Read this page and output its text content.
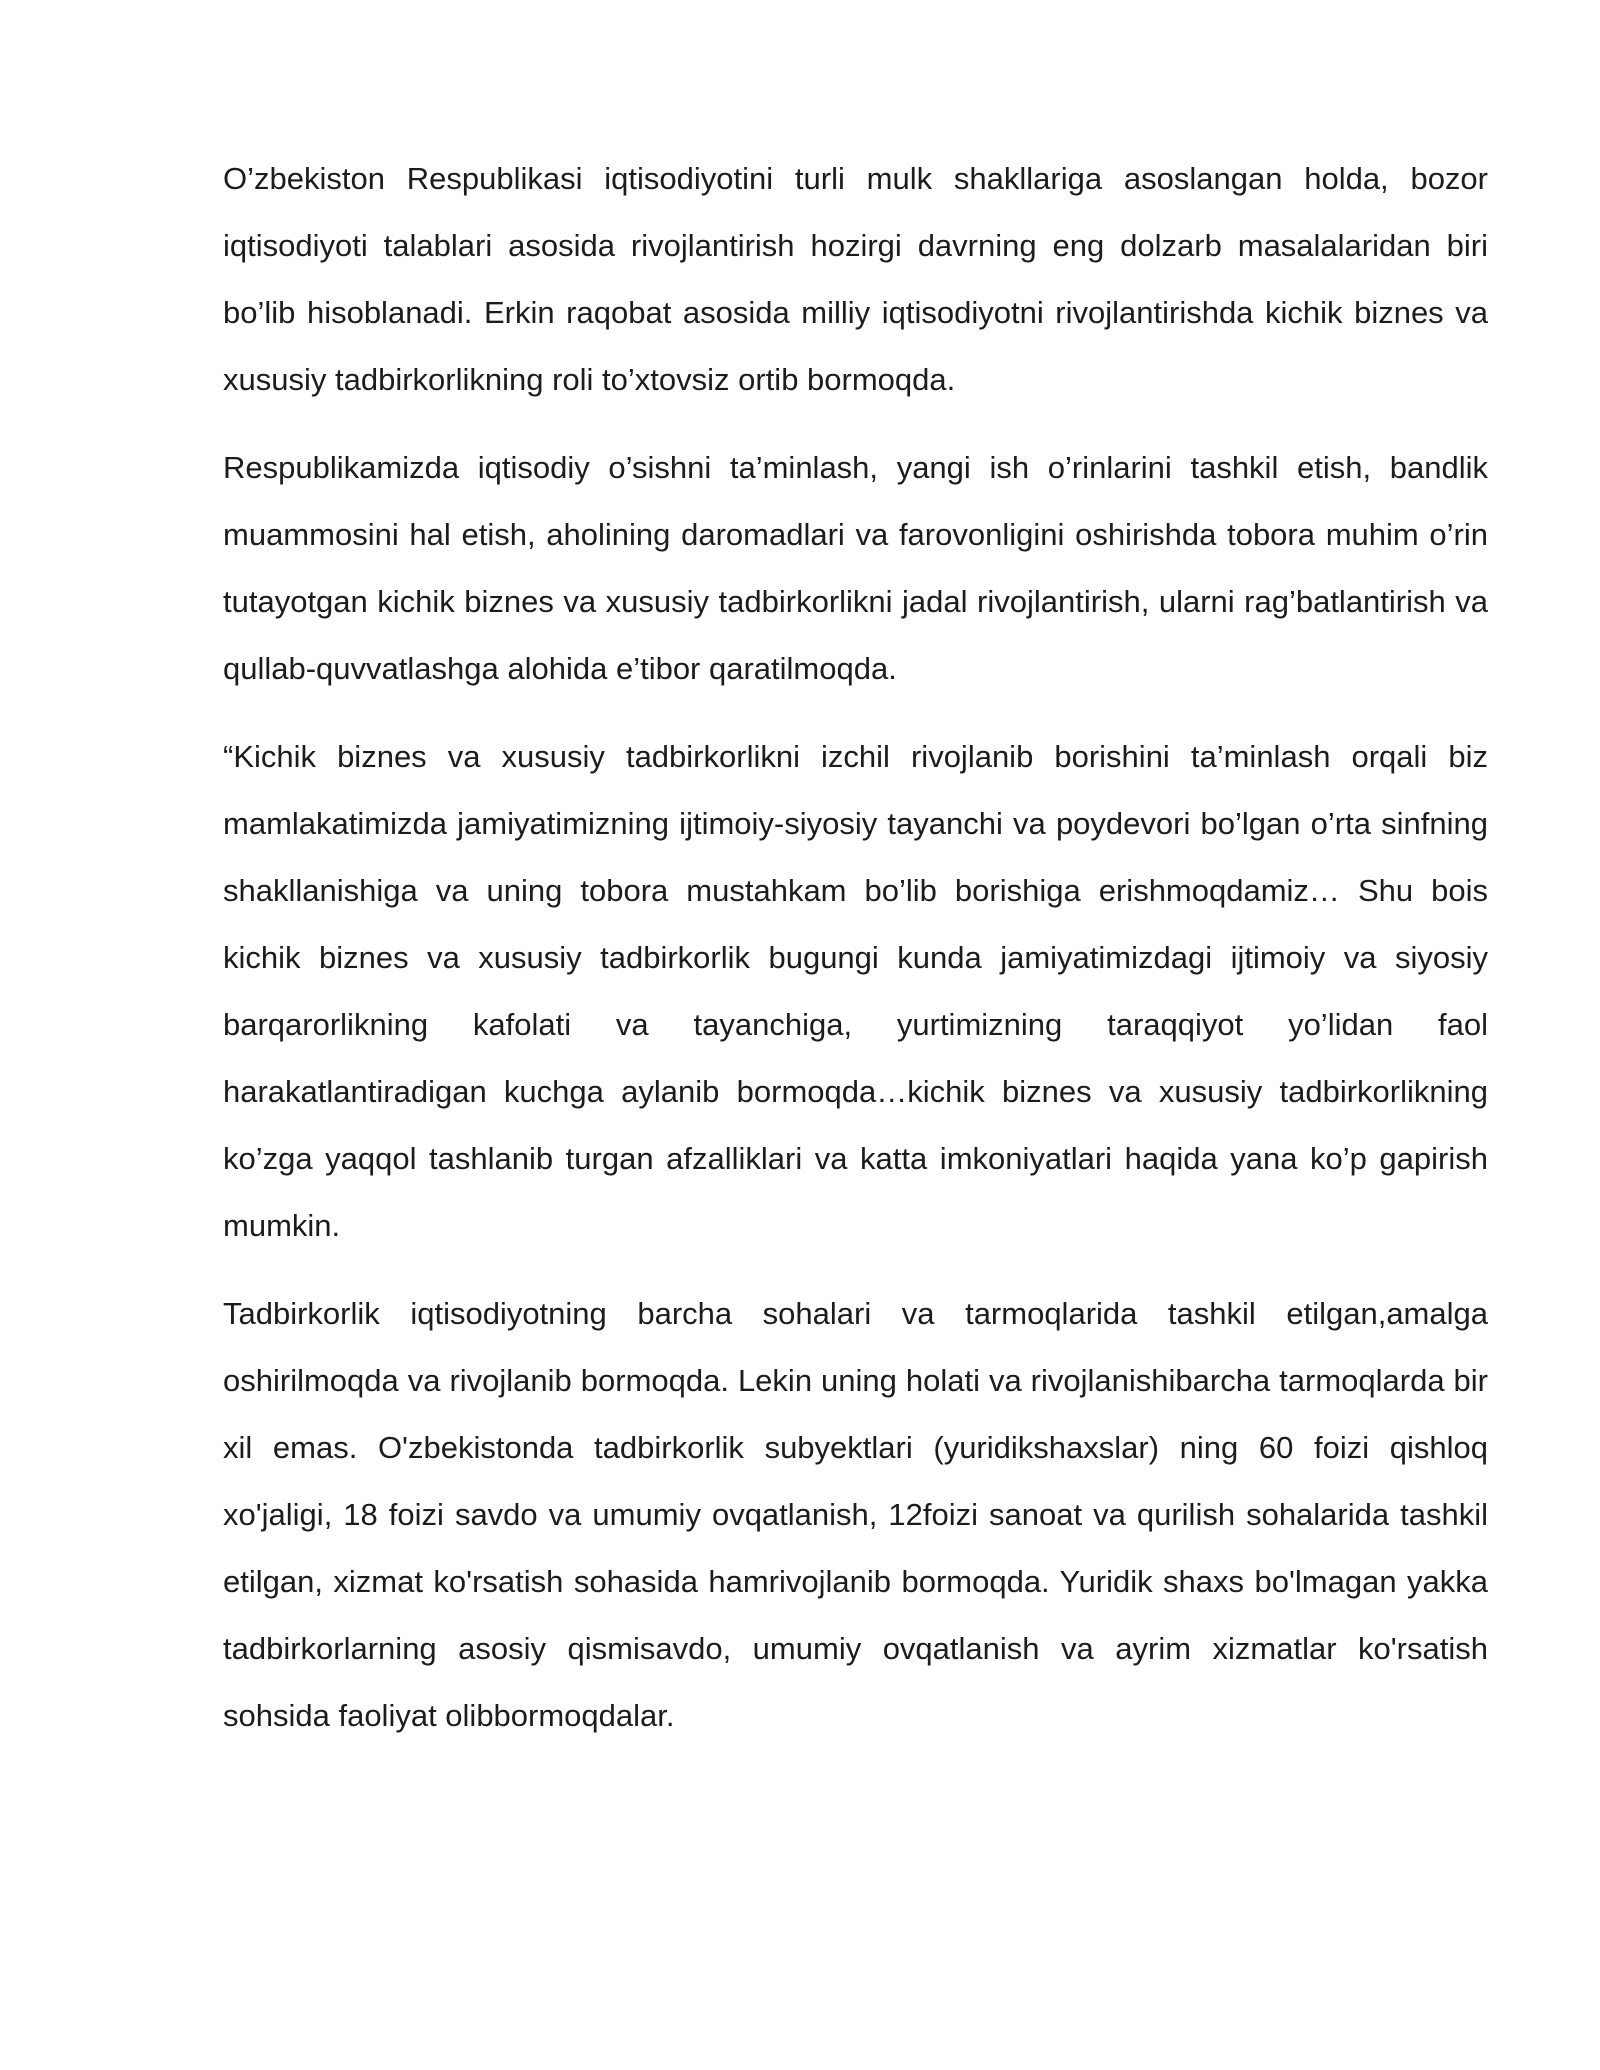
O’zbekiston Respublikasi iqtisodiyotini turli mulk shakllariga asoslangan holda, bozor iqtisodiyoti talablari asosida rivojlantirish hozirgi davrning eng dolzarb masalalaridan biri bo’lib hisoblanadi. Erkin raqobat asosida milliy iqtisodiyotni rivojlantirishda kichik biznes va xususiy tadbirkorlikning roli to’xtovsiz ortib bormoqda.

Respublikamizda iqtisodiy o’sishni ta’minlash, yangi ish o’rinlarini tashkil etish, bandlik muammosini hal etish, aholining daromadlari va farovonligini oshirishda tobora muhim o’rin tutayotgan kichik biznes va xususiy tadbirkorlikni jadal rivojlantirish, ularni rag’batlantirish va qullab-quvvatlashga alohida e’tibor qaratilmoqda.

“Kichik biznes va xususiy tadbirkorlikni izchil rivojlanib borishini ta’minlash orqali biz mamlakatimizda jamiyatimizning ijtimoiy-siyosiy tayanchi va poydevori bo’lgan o’rta sinfning shakllanishiga va uning tobora mustahkam bo’lib borishiga erishmoqdamiz… Shu bois kichik biznes va xususiy tadbirkorlik bugungi kunda jamiyatimizdagi ijtimoiy va siyosiy barqarorlikning kafolati va tayanchiga, yurtimizning taraqqiyot yo’lidan faol harakatlantiradigan kuchga aylanib bormoqda…kichik biznes va xususiy tadbirkorlikning ko’zga yaqqol tashlanib turgan afzalliklari va katta imkoniyatlari haqida yana ko’p gapirish mumkin.

Tadbirkorlik iqtisodiyotning barcha sohalari va tarmoqlarida tashkil etilgan,amalga oshirilmoqda va rivojlanib bormoqda. Lekin uning holati va rivojlanishibarcha tarmoqlarda bir xil emas. O'zbekistonda tadbirkorlik subyektlari (yuridikshaxslar) ning 60 foizi qishloq xo'jaligi, 18 foizi savdo va umumiy ovqatlanish, 12foizi sanoat va qurilish sohalarida tashkil etilgan, xizmat ko'rsatish sohasida hamrivojlanib bormoqda. Yuridik shaxs bo'lmagan yakka tadbirkorlarning asosiy qismisavdo, umumiy ovqatlanish va ayrim xizmatlar ko'rsatish sohsida faoliyat olibbormoqdalar.
